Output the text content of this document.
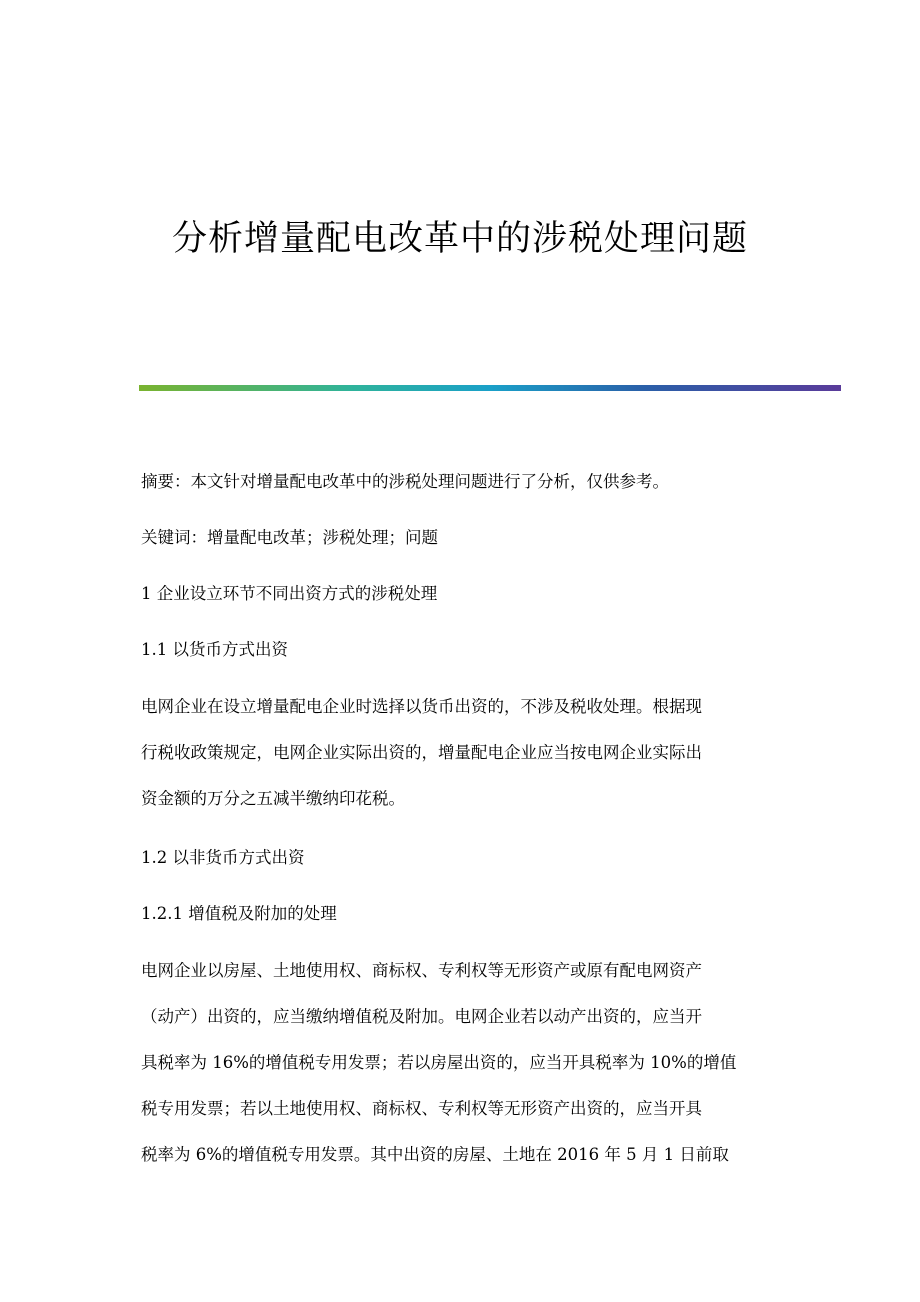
分析增量配电改革中的涉税处理问题

摘要：本文针对增量配电改革中的涉税处理问题进行了分析，仅供参考。

关键词：增量配电改革；涉税处理；问题

1 企业设立环节不同出资方式的涉税处理

1.1 以货币方式出资

电网企业在设立增量配电企业时选择以货币出资的，不涉及税收处理。根据现
行税收政策规定，电网企业实际出资的，增量配电企业应当按电网企业实际出
资金额的万分之五减半缴纳印花税。

1.2 以非货币方式出资

1.2.1 增值税及附加的处理

电网企业以房屋、土地使用权、商标权、专利权等无形资产或原有配电网资产
（动产）出资的，应当缴纳增值税及附加。电网企业若以动产出资的，应当开
具税率为 16%的增值税专用发票；若以房屋出资的，应当开具税率为 10%的增值
税专用发票；若以土地使用权、商标权、专利权等无形资产出资的，应当开具
税率为 6%的增值税专用发票。其中出资的房屋、土地在 2016 年 5 月 1 日前取
